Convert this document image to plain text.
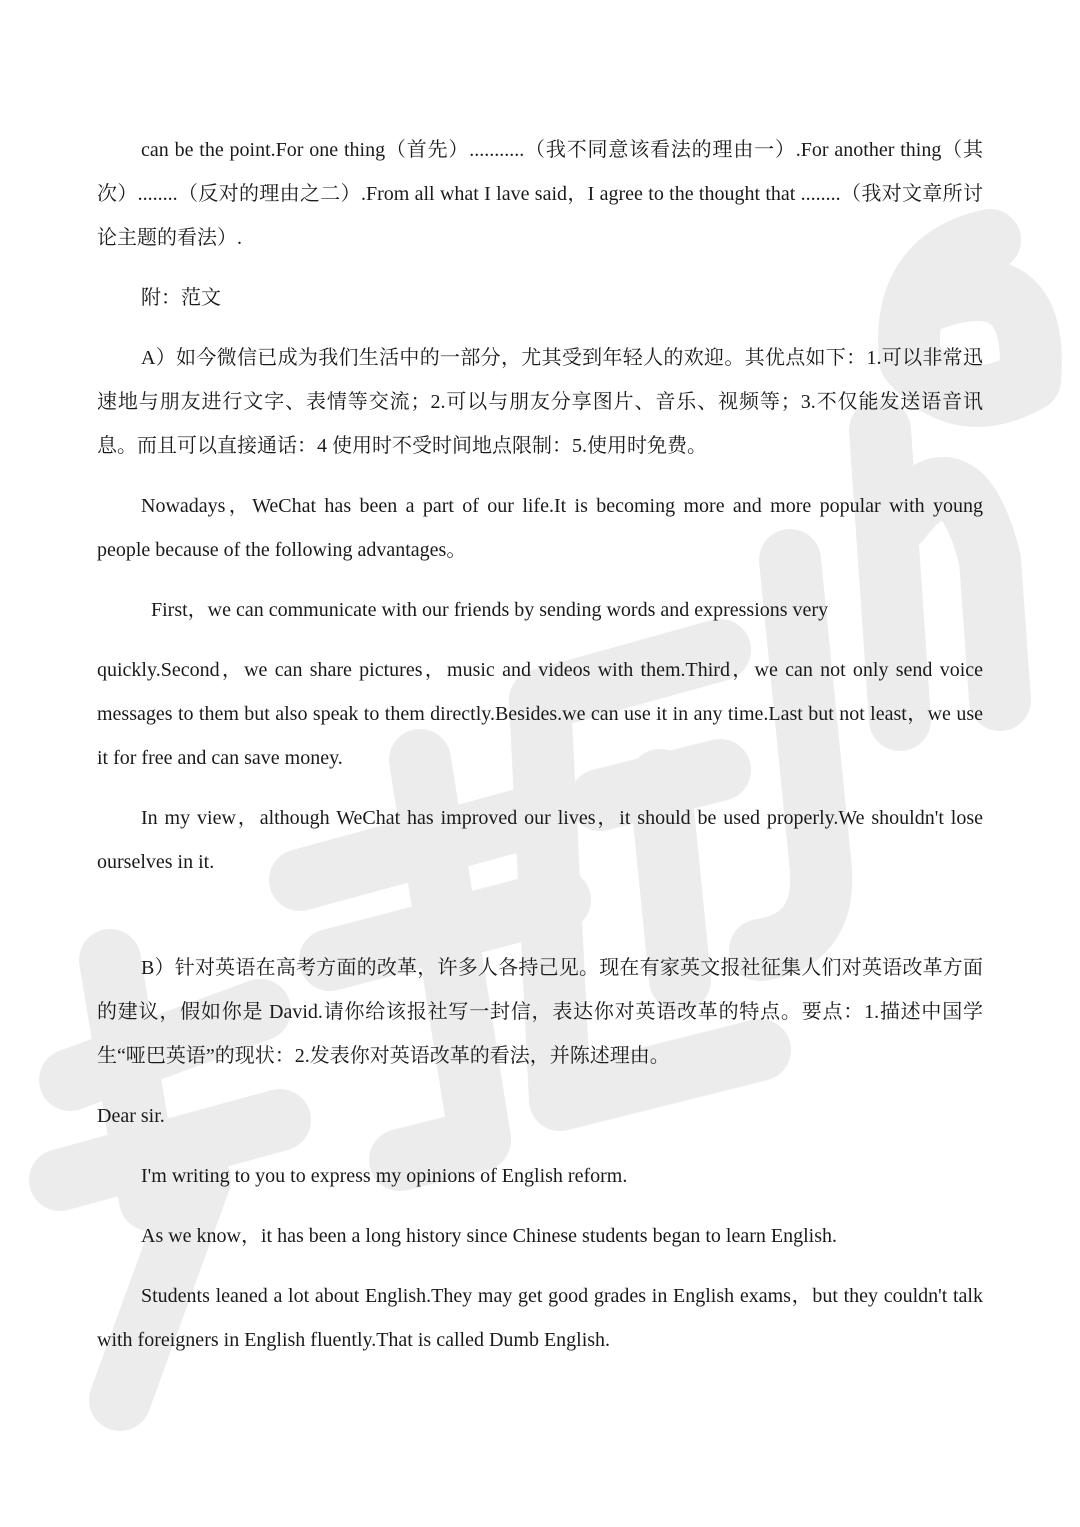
can be the point.For one thing（首先）...........（我不同意该看法的理由一）.For another thing（其次）........（反对的理由之二）.From all what I lave said，I agree to the thought that ........（我对文章所讨论主题的看法）.

附：范文

A）如今微信已成为我们生活中的一部分，尤其受到年轻人的欢迎。其优点如下：1.可以非常迅速地与朋友进行文字、表情等交流；2.可以与朋友分享图片、音乐、视频等；3.不仅能发送语音讯息。而且可以直接通话：4 使用时不受时间地点限制：5.使用时免费。

Nowadays，WeChat has been a part of our life.It is becoming more and more popular with young people because of the following advantages。

First，we can communicate with our friends by sending words and expressions very

quickly.Second，we can share pictures，music and videos with them.Third，we can not only send voice messages to them but also speak to them directly.Besides.we can use it in any time.Last but not least，we use it for free and can save money.

In my view，although WeChat has improved our lives，it should be used properly.We shouldn't lose ourselves in it.

B）针对英语在高考方面的改革，许多人各持己见。现在有家英文报社征集人们对英语改革方面的建议，假如你是 David.请你给该报社写一封信，表达你对英语改革的特点。要点：1.描述中国学生“哑巴英语”的现状：2.发表你对英语改革的看法，并陈述理由。

Dear sir.

I'm writing to you to express my opinions of English reform.

As we know，it has been a long history since Chinese students began to learn English.

Students leaned a lot about English.They may get good grades in English exams，but they couldn't talk with foreigners in English fluently.That is called Dumb English.
